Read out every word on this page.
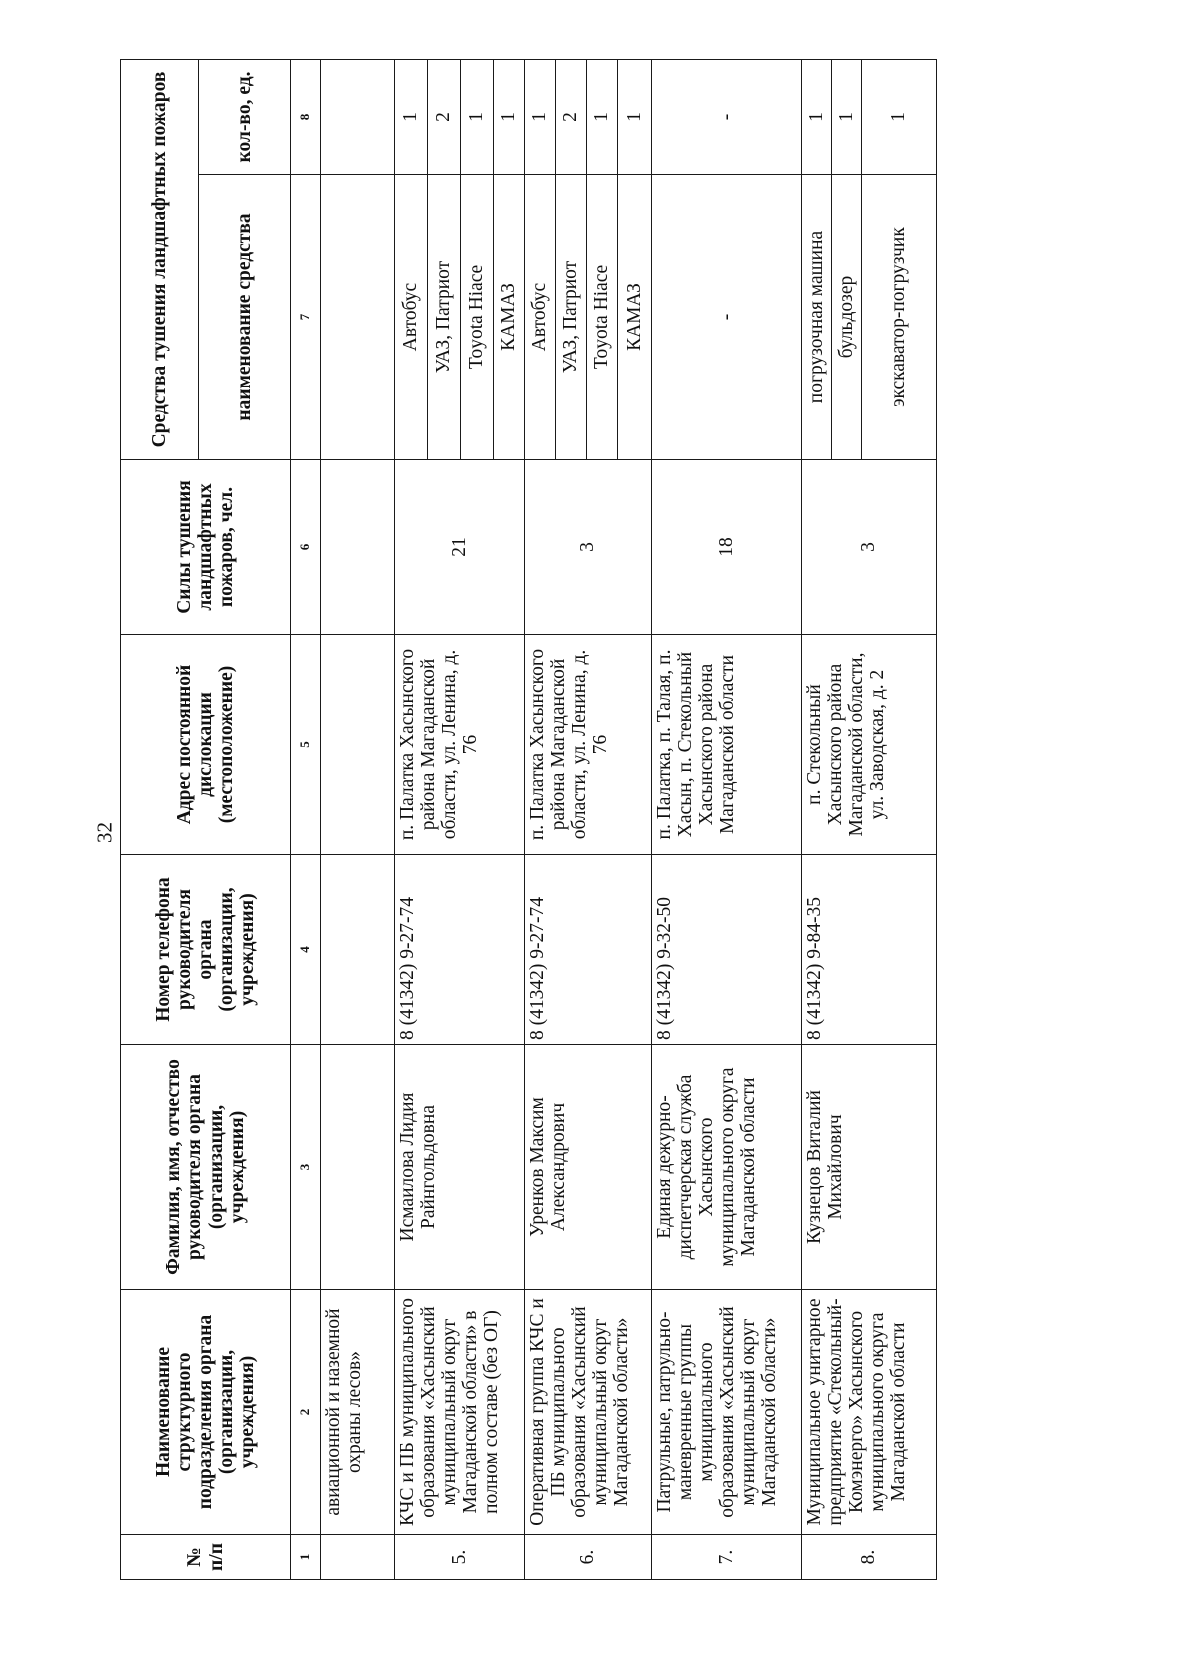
32
№ п/п	Наименование структурного подразделения органа (организации, учреждения)	Фамилия, имя, отчество руководителя органа (организации, учреждения)	Номер телефона руководителя органа (организации, учреждения)	Адрес постоянной дислокации (местоположение)	Силы тушения ландшафтных пожаров, чел.	Средства тушения ландшафтных пожаров	
						наименование средства	кол-во, ед.
1	2	3	4	5	6	7	8
	авиационной и наземной охраны лесов»						
5.	КЧС и ПБ муниципального образования «Хасынский муниципальный округ Магаданской области» в полном составе (без ОГ)	Исмаилова Лидия Райнгольдовна	8 (41342) 9-27-74	п. Палатка Хасынского района Магаданской области, ул. Ленина, д. 76	21	Автобус	1
						УАЗ, Патриот	2
						Toyota Hiace	1
						КАМАЗ	1
6.	Оперативная группа КЧС и ПБ муниципального образования «Хасынский муниципальный округ Магаданской области»	Уренков Максим Александрович	8 (41342) 9-27-74	п. Палатка Хасынского района Магаданской области, ул. Ленина, д. 76	3	Автобус	1
						УАЗ, Патриот	2
						Toyota Hiace	1
						КАМАЗ	1
7.	Патрульные, патрульно-маневренные группы муниципального образования «Хасынский муниципальный округ Магаданской области»	Единая дежурно-диспетчерская служба Хасынского муниципального округа Магаданской области	8 (41342) 9-32-50	п. Палатка, п. Талая, п. Хасын, п. Стекольный Хасынского района Магаданской области	18	-	-
8.	Муниципальное унитарное предприятие «Стекольный-Комэнерго» Хасынского муниципального округа Магаданской области	Кузнецов Виталий Михайлович	8 (41342) 9-84-35	п. Стекольный Хасынского района Магаданской области, ул. Заводская, д. 2	3	погрузочная машина	1
						бульдозер	1
						экскаватор-погрузчик	1
